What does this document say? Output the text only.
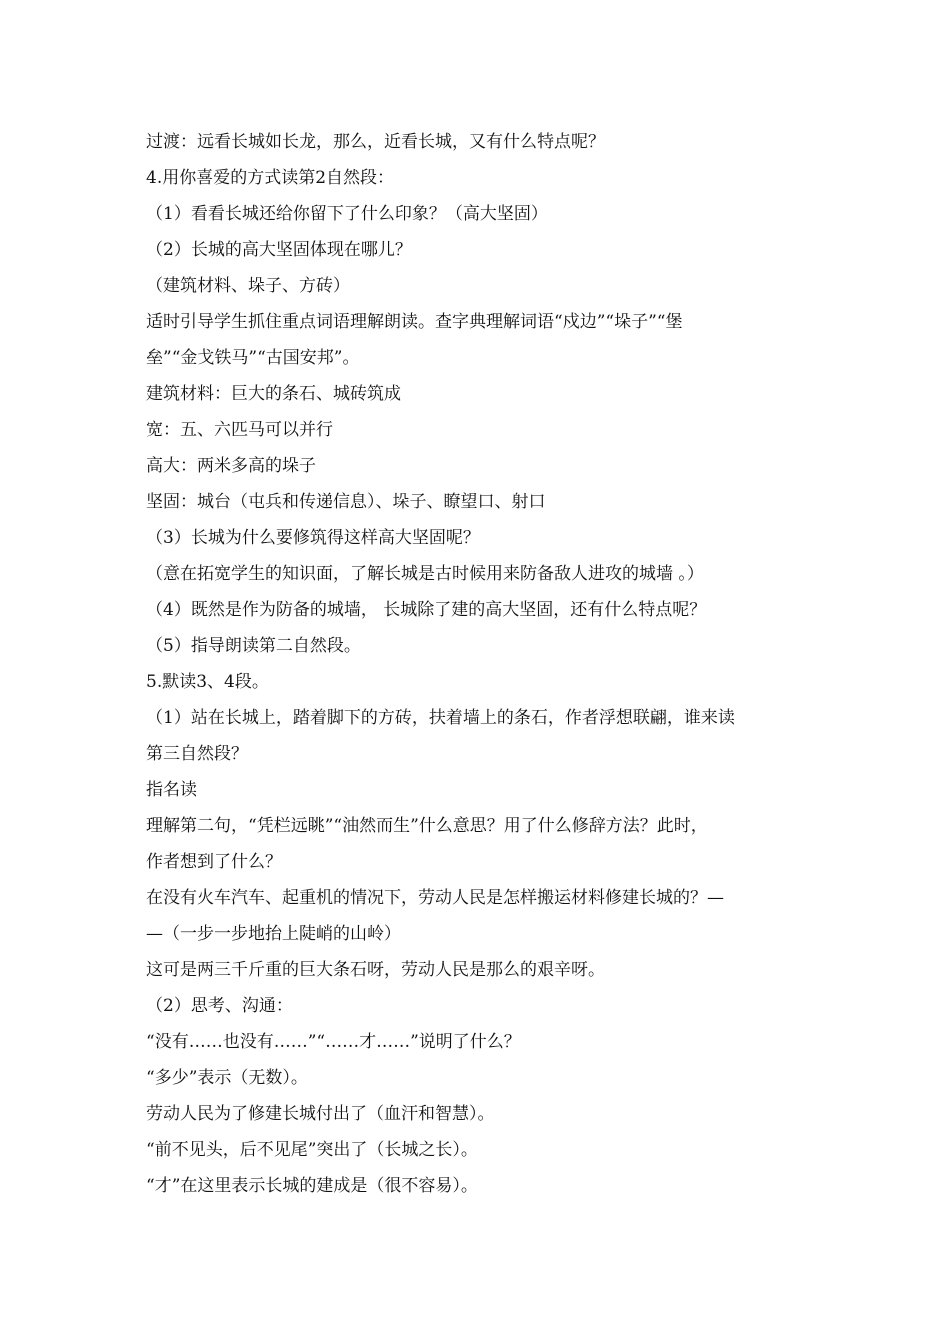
过渡：远看长城如长龙，那么，近看长城，又有什么特点呢？
4.用你喜爱的方式读第2自然段：
（1）看看长城还给你留下了什么印象？（高大坚固）
（2）长城的高大坚固体现在哪儿？
（建筑材料、垛子、方砖）
适时引导学生抓住重点词语理解朗读。查字典理解词语“戍边”“垛子”“堡
垒”“金戈铁马”“古国安邦”。
建筑材料：巨大的条石、城砖筑成
宽：五、六匹马可以并行
高大：两米多高的垛子
坚固：城台（屯兵和传递信息）、垛子、瞭望口、射口
（3）长城为什么要修筑得这样高大坚固呢？
（意在拓宽学生的知识面，了解长城是古时候用来防备敌人进攻的城墙 。）
（4）既然是作为防备的城墙， 长城除了建的高大坚固，还有什么特点呢？
（5）指导朗读第二自然段。
5.默读3、4段。
（1）站在长城上，踏着脚下的方砖，扶着墙上的条石，作者浮想联翩，谁来读
第三自然段？
指名读
理解第二句，“凭栏远眺”“油然而生”什么意思？用了什么修辞方法？此时，
作者想到了什么？
在没有火车汽车、起重机的情况下，劳动人民是怎样搬运材料修建长城的？—
—（一步一步地抬上陡峭的山岭）
这可是两三千斤重的巨大条石呀，劳动人民是那么的艰辛呀。
（2）思考、沟通：
“没有……也没有……”“……才……”说明了什么？
“多少”表示（无数）。
劳动人民为了修建长城付出了（血汗和智慧）。
“前不见头，后不见尾”突出了（长城之长）。
“才”在这里表示长城的建成是（很不容易）。
